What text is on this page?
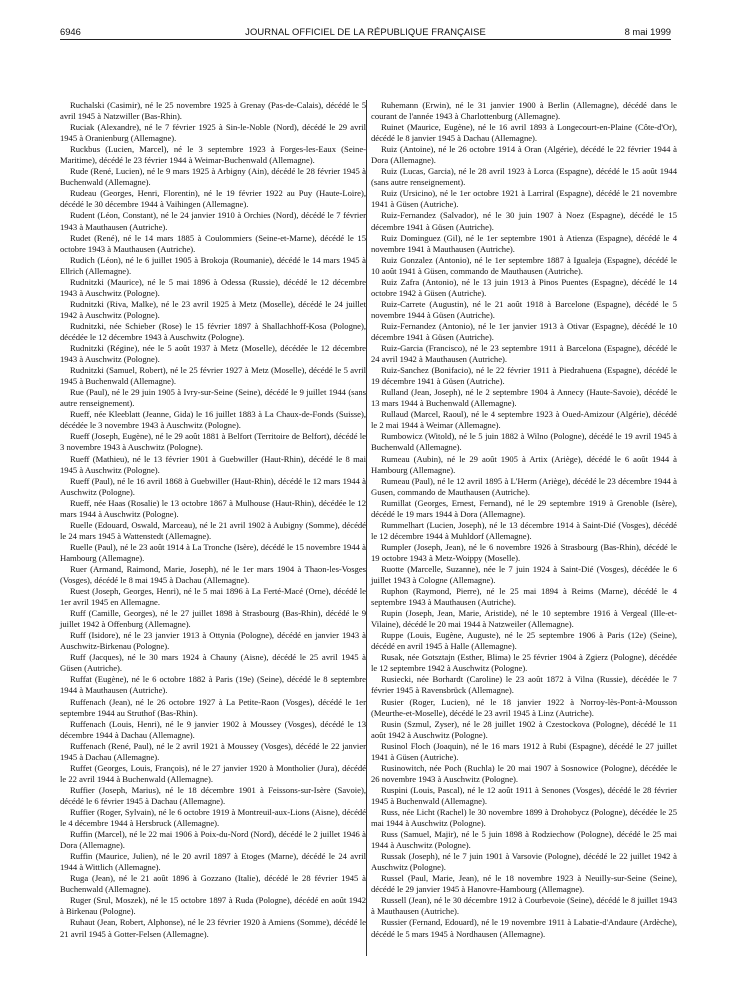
6946	JOURNAL OFFICIEL DE LA RÉPUBLIQUE FRANÇAISE	8 mai 1999

Ruchalski (Casimir), né le 25 novembre 1925 à Grenay (Pas-de-Calais), décédé le 5 avril 1945 à Natzwiller (Bas-Rhin).

Ruciak (Alexandre), né le 7 février 1925 à Sin-le-Noble (Nord), décédé le 29 avril 1945 à Oranienburg (Allemagne).

Ruckbus (Lucien, Marcel), né le 3 septembre 1923 à Forges-les-Eaux (Seine-Maritime), décédé le 23 février 1944 à Weimar-Buchenwald (Allemagne).

Rude (René, Lucien), né le 9 mars 1925 à Arbigny (Ain), décédé le 28 février 1945 à Buchenwald (Allemagne).

Rudeau (Georges, Henri, Florentin), né le 19 février 1922 au Puy (Haute-Loire), décédé le 30 décembre 1944 à Vaihingen (Allemagne).

Rudent (Léon, Constant), né le 24 janvier 1910 à Orchies (Nord), décédé le 7 février 1943 à Mauthausen (Autriche).

Rudet (René), né le 14 mars 1885 à Coulommiers (Seine-et-Marne), décédé le 15 octobre 1943 à Mauthausen (Autriche).

Rudich (Léon), né le 6 juillet 1905 à Brokoja (Roumanie), décédé le 14 mars 1945 à Ellrich (Allemagne).

Rudnitzki (Maurice), né le 5 mai 1896 à Odessa (Russie), décédé le 12 décembre 1943 à Auschwitz (Pologne).

Rudnitzki (Riva, Malke), né le 23 avril 1925 à Metz (Moselle), décédé le 24 juillet 1942 à Auschwitz (Pologne).

Rudnitzki, née Schieber (Rose) le 15 février 1897 à Shallachhoff-Kosa (Pologne), décédée le 12 décembre 1943 à Auschwitz (Pologne).

Rudnitzki (Régine), née le 5 août 1937 à Metz (Moselle), décédée le 12 décembre 1943 à Auschwitz (Pologne).

Rudnitzki (Samuel, Robert), né le 25 février 1927 à Metz (Moselle), décédé le 5 avril 1945 à Buchenwald (Allemagne).

Rue (Paul), né le 29 juin 1905 à Ivry-sur-Seine (Seine), décédé le 9 juillet 1944 (sans autre renseignement).

Rueff, née Kleeblatt (Jeanne, Gida) le 16 juillet 1883 à La Chaux-de-Fonds (Suisse), décédée le 3 novembre 1943 à Auschwitz (Pologne).

Rueff (Joseph, Eugène), né le 29 août 1881 à Belfort (Territoire de Belfort), décédé le 3 novembre 1943 à Auschwitz (Pologne).

Rueff (Mathieu), né le 13 février 1901 à Guebwiller (Haut-Rhin), décédé le 8 mai 1945 à Auschwitz (Pologne).

Rueff (Paul), né le 16 avril 1868 à Guebwiller (Haut-Rhin), décédé le 12 mars 1944 à Auschwitz (Pologne).

Rueff, née Haas (Rosalie) le 13 octobre 1867 à Mulhouse (Haut-Rhin), décédée le 12 mars 1944 à Auschwitz (Pologne).

Ruelle (Edouard, Oswald, Marceau), né le 21 avril 1902 à Aubigny (Somme), décédé le 24 mars 1945 à Wattenstedt (Allemagne).

Ruelle (Paul), né le 23 août 1914 à La Tronche (Isère), décédé le 15 novembre 1944 à Hambourg (Allemagne).

Ruer (Armand, Raimond, Marie, Joseph), né le 1er mars 1904 à Thaon-les-Vosges (Vosges), décédé le 8 mai 1945 à Dachau (Allemagne).

Ruest (Joseph, Georges, Henri), né le 5 mai 1896 à La Ferté-Macé (Orne), décédé le 1er avril 1945 en Allemagne.

Ruff (Camille, Georges), né le 27 juillet 1898 à Strasbourg (Bas-Rhin), décédé le 9 juillet 1942 à Offenburg (Allemagne).

Ruff (Isidore), né le 23 janvier 1913 à Ottynia (Pologne), décédé en janvier 1943 à Auschwitz-Birkenau (Pologne).

Ruff (Jacques), né le 30 mars 1924 à Chauny (Aisne), décédé le 25 avril 1945 à Güsen (Autriche).

Ruffat (Eugène), né le 6 octobre 1882 à Paris (19e) (Seine), décédé le 8 septembre 1944 à Mauthausen (Autriche).

Ruffenach (Jean), né le 26 octobre 1927 à La Petite-Raon (Vosges), décédé le 1er septembre 1944 au Struthof (Bas-Rhin).

Ruffenach (Louis, Henri), né le 9 janvier 1902 à Moussey (Vosges), décédé le 13 décembre 1944 à Dachau (Allemagne).

Ruffenach (René, Paul), né le 2 avril 1921 à Moussey (Vosges), décédé le 22 janvier 1945 à Dachau (Allemagne).

Ruffet (Georges, Louis, François), né le 27 janvier 1920 à Montholier (Jura), décédé le 22 avril 1944 à Buchenwald (Allemagne).

Ruffier (Joseph, Marius), né le 18 décembre 1901 à Feissons-sur-Isère (Savoie), décédé le 6 février 1945 à Dachau (Allemagne).

Ruffier (Roger, Sylvain), né le 6 octobre 1919 à Montreuil-aux-Lions (Aisne), décédé le 4 décembre 1944 à Hersbruck (Allemagne).

Ruffin (Marcel), né le 22 mai 1906 à Poix-du-Nord (Nord), décédé le 2 juillet 1946 à Dora (Allemagne).

Ruffin (Maurice, Julien), né le 20 avril 1897 à Etoges (Marne), décédé le 24 avril 1944 à Wittlich (Allemagne).

Ruga (Jean), né le 21 août 1896 à Gozzano (Italie), décédé le 28 février 1945 à Buchenwald (Allemagne).

Ruger (Srul, Moszek), né le 15 octobre 1897 à Ruda (Pologne), décédé en août 1942 à Birkenau (Pologne).

Ruhaut (Jean, Robert, Alphonse), né le 23 février 1920 à Amiens (Somme), décédé le 21 avril 1945 à Gotter-Felsen (Allemagne).

Ruhemann (Erwin), né le 31 janvier 1900 à Berlin (Allemagne), décédé dans le courant de l'année 1943 à Charlottenburg (Allemagne).

Ruinet (Maurice, Eugène), né le 16 avril 1893 à Longecourt-en-Plaine (Côte-d'Or), décédé le 8 janvier 1945 à Dachau (Allemagne).

Ruiz (Antoine), né le 26 octobre 1914 à Oran (Algérie), décédé le 22 février 1944 à Dora (Allemagne).

Ruiz (Lucas, Garcia), né le 28 avril 1923 à Lorca (Espagne), décédé le 15 août 1944 (sans autre renseignement).

Ruiz (Ursicino), né le 1er octobre 1921 à Larriral (Espagne), décédé le 21 novembre 1941 à Güsen (Autriche).

Ruiz-Fernandez (Salvador), né le 30 juin 1907 à Noez (Espagne), décédé le 15 décembre 1941 à Güsen (Autriche).

Ruiz Dominguez (Gil), né le 1er septembre 1901 à Atienza (Espagne), décédé le 4 novembre 1941 à Mauthausen (Autriche).

Ruiz Gonzalez (Antonio), né le 1er septembre 1887 à Igualeja (Espagne), décédé le 10 août 1941 à Güsen, commando de Mauthausen (Autriche).

Ruiz Zafra (Antonio), né le 13 juin 1913 à Pinos Puentes (Espagne), décédé le 14 octobre 1942 à Güsen (Autriche).

Ruiz-Carrete (Augustin), né le 21 août 1918 à Barcelone (Espagne), décédé le 5 novembre 1944 à Güsen (Autriche).

Ruiz-Fernandez (Antonio), né le 1er janvier 1913 à Otivar (Espagne), décédé le 10 décembre 1941 à Güsen (Autriche).

Ruiz-Garcia (Francisco), né le 23 septembre 1911 à Barcelona (Espagne), décédé le 24 avril 1942 à Mauthausen (Autriche).

Ruiz-Sanchez (Bonifacio), né le 22 février 1911 à Piedrahuena (Espagne), décédé le 19 décembre 1941 à Güsen (Autriche).

Rulland (Jean, Joseph), né le 2 septembre 1904 à Annecy (Haute-Savoie), décédé le 13 mars 1944 à Buchenwald (Allemagne).

Rullaud (Marcel, Raoul), né le 4 septembre 1923 à Oued-Amizour (Algérie), décédé le 2 mai 1944 à Weimar (Allemagne).

Rumbowicz (Witold), né le 5 juin 1882 à Wilno (Pologne), décédé le 19 avril 1945 à Buchenwald (Allemagne).

Rumeau (Aubin), né le 29 août 1905 à Artix (Ariège), décédé le 6 août 1944 à Hambourg (Allemagne).

Rumeau (Paul), né le 12 avril 1895 à L'Herm (Ariège), décédé le 23 décembre 1944 à Gusen, commando de Mauthausen (Autriche).

Rumillat (Georges, Ernest, Fernand), né le 29 septembre 1919 à Grenoble (Isère), décédé le 19 mars 1944 à Dora (Allemagne).

Rummelhart (Lucien, Joseph), né le 13 décembre 1914 à Saint-Dié (Vosges), décédé le 12 décembre 1944 à Muhldorf (Allemagne).

Rumpler (Joseph, Jean), né le 6 novembre 1926 à Strasbourg (Bas-Rhin), décédé le 19 octobre 1943 à Metz-Woippy (Moselle).

Ruotte (Marcelle, Suzanne), née le 7 juin 1924 à Saint-Dié (Vosges), décédée le 6 juillet 1943 à Cologne (Allemagne).

Ruphon (Raymond, Pierre), né le 25 mai 1894 à Reims (Marne), décédé le 4 septembre 1943 à Mauthausen (Autriche).

Rupin (Joseph, Jean, Marie, Aristide), né le 10 septembre 1916 à Vergeal (Ille-et-Vilaine), décédé le 20 mai 1944 à Natzweiler (Allemagne).

Ruppe (Louis, Eugène, Auguste), né le 25 septembre 1906 à Paris (12e) (Seine), décédé en avril 1945 à Halle (Allemagne).

Rusak, née Gotsztajn (Esther, Blima) le 25 février 1904 à Zgierz (Pologne), décédée le 12 septembre 1942 à Auschwitz (Pologne).

Rusiecki, née Borhardt (Caroline) le 23 août 1872 à Vilna (Russie), décédée le 7 février 1945 à Ravensbrück (Allemagne).

Rusier (Roger, Lucien), né le 18 janvier 1922 à Norroy-lès-Pont-à-Mousson (Meurthe-et-Moselle), décédé le 23 avril 1945 à Linz (Autriche).

Rusin (Szmul, Zyser), né le 28 juillet 1902 à Czestockova (Pologne), décédé le 11 août 1942 à Auschwitz (Pologne).

Rusinol Floch (Joaquin), né le 16 mars 1912 à Rubi (Espagne), décédé le 27 juillet 1941 à Güsen (Autriche).

Rusinowitch, née Poch (Ruchla) le 20 mai 1907 à Sosnowice (Pologne), décédée le 26 novembre 1943 à Auschwitz (Pologne).

Ruspini (Louis, Pascal), né le 12 août 1911 à Senones (Vosges), décédé le 28 février 1945 à Buchenwald (Allemagne).

Russ, née Licht (Rachel) le 30 novembre 1899 à Drohobycz (Pologne), décédée le 25 mai 1944 à Auschwitz (Pologne).

Russ (Samuel, Majir), né le 5 juin 1898 à Rodziechow (Pologne), décédé le 25 mai 1944 à Auschwitz (Pologne).

Russak (Joseph), né le 7 juin 1901 à Varsovie (Pologne), décédé le 22 juillet 1942 à Auschwitz (Pologne).

Russel (Paul, Marie, Jean), né le 18 novembre 1923 à Neuilly-sur-Seine (Seine), décédé le 29 janvier 1945 à Hanovre-Hambourg (Allemagne).

Russell (Jean), né le 30 décembre 1912 à Courbevoie (Seine), décédé le 8 juillet 1943 à Mauthausen (Autriche).

Russier (Fernand, Edouard), né le 19 novembre 1911 à Labatie-d'Andaure (Ardèche), décédé le 5 mars 1945 à Nordhausen (Allemagne).
